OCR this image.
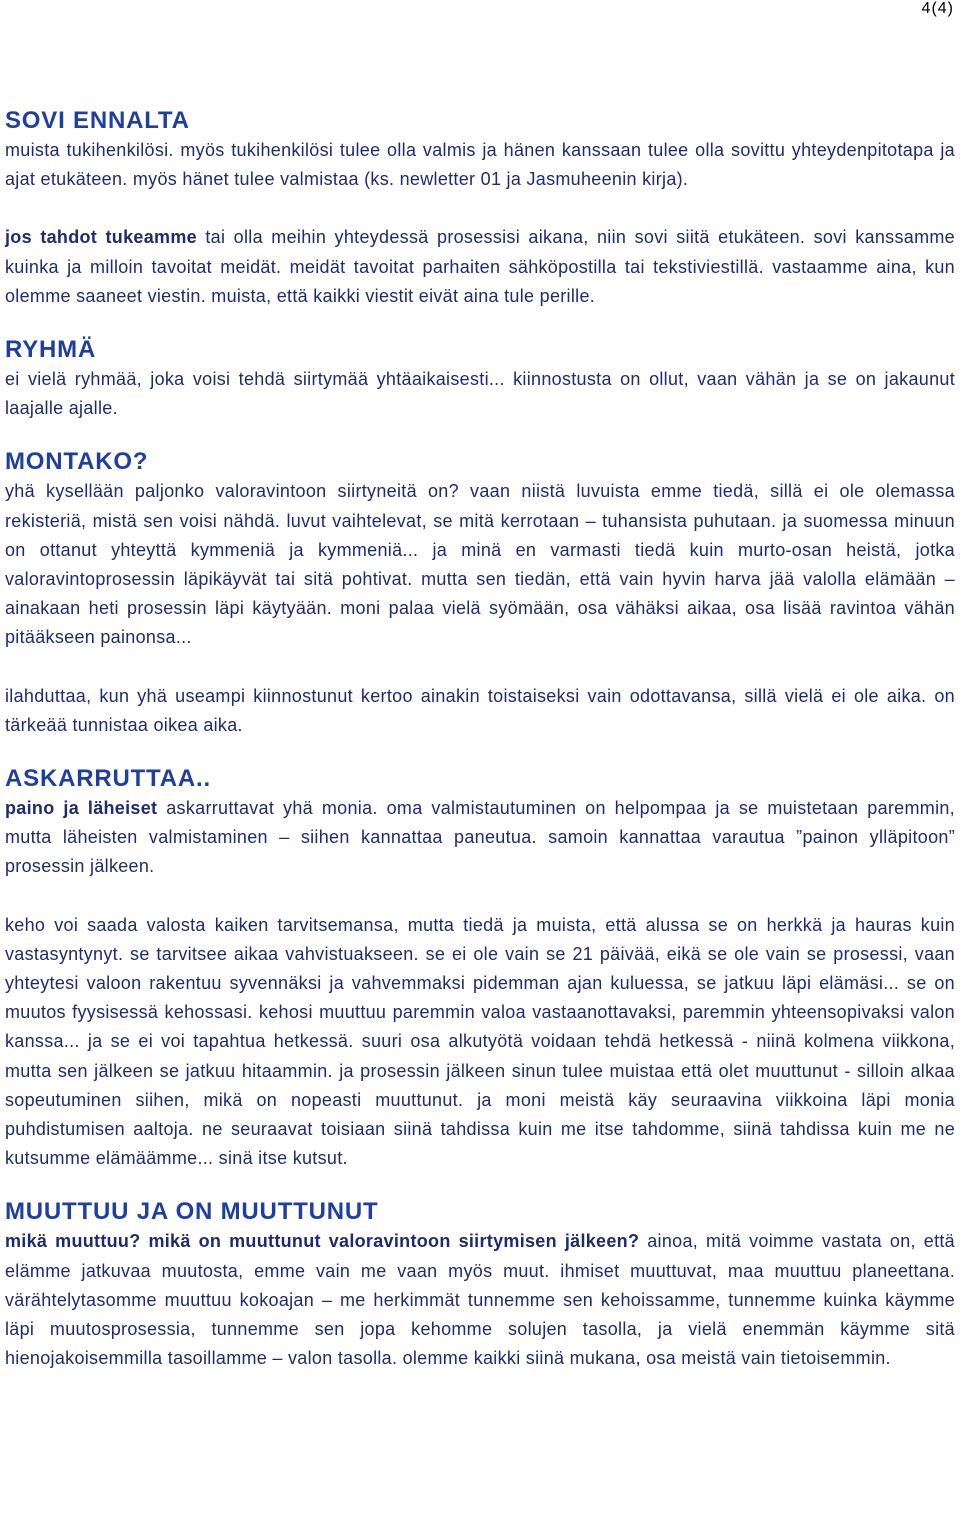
4(4)
SOVI ENNALTA

muista tukihenkilösi. myös tukihenkilösi tulee olla valmis ja hänen kanssaan tulee olla sovittu yhteydenpitotapa ja ajat etukäteen. myös hänet tulee valmistaa (ks. newletter 01 ja Jasmuheenin kirja).

jos tahdot tukeamme tai olla meihin yhteydessä prosessisi aikana, niin sovi siitä etukäteen. sovi kanssamme kuinka ja milloin tavoitat meidät. meidät tavoitat parhaiten sähköpostilla tai tekstiviestillä. vastaamme aina, kun olemme saaneet viestin. muista, että kaikki viestit eivät aina tule perille.

RYHMÄ

ei vielä ryhmää, joka voisi tehdä siirtymää yhtäaikaisesti... kiinnostusta on ollut, vaan vähän ja se on jakaunut laajalle ajalle.

MONTAKO?

yhä kysellään paljonko valoravintoon siirtyneitä on? vaan niistä luvuista emme tiedä, sillä ei ole olemassa rekisteriä, mistä sen voisi nähdä. luvut vaihtelevat, se mitä kerrotaan – tuhansista puhutaan. ja suomessa minuun on ottanut yhteyttä kymmeniä ja kymmeniä... ja minä en varmasti tiedä kuin murto-osan heistä, jotka valoravintoprosessin läpikäyvät tai sitä pohtivat. mutta sen tiedän, että vain hyvin harva jää valolla elämään – ainakaan heti prosessin läpi käytyään. moni palaa vielä syömään, osa vähäksi aikaa, osa lisää ravintoa vähän pitääkseen painonsa...

ilahduttaa, kun yhä useampi kiinnostunut kertoo ainakin toistaiseksi vain odottavansa, sillä vielä ei ole aika. on tärkeää tunnistaa oikea aika.

ASKARRUTTAA..

paino ja läheiset askarruttavat yhä monia. oma valmistautuminen on helpompaa ja se muistetaan paremmin, mutta läheisten valmistaminen – siihen kannattaa paneutua. samoin kannattaa varautua ”painon ylläpitoon” prosessin jälkeen.

keho voi saada valosta kaiken tarvitsemansa, mutta tiedä ja muista, että alussa se on herkkä ja hauras kuin vastasyntynyt. se tarvitsee aikaa vahvistuakseen. se ei ole vain se 21 päivää, eikä se ole vain se prosessi, vaan yhteytesi valoon rakentuu syvennäksi ja vahvemmaksi pidemman ajan kuluessa, se jatkuu läpi elämäsi... se on muutos fyysisessä kehossasi. kehosi muuttuu paremmin valoa vastaanottavaksi, paremmin yhteensopivaksi valon kanssa... ja se ei voi tapahtua hetkessä. suuri osa alkutyötä voidaan tehdä hetkessä - niinä kolmena viikkona, mutta sen jälkeen se jatkuu hitaammin. ja prosessin jälkeen sinun tulee muistaa että olet muuttunut - silloin alkaa sopeutuminen siihen, mikä on nopeasti muuttunut. ja moni meistä käy seuraavina viikkoina läpi monia puhdistumisen aaltoja. ne seuraavat toisiaan siinä tahdissa kuin me itse tahdomme, siinä tahdissa kuin me ne kutsumme elämäämme... sinä itse kutsut.

MUUTTUU JA ON MUUTTUNUT

mikä muuttuu? mikä on muuttunut valoravintoon siirtymisen jälkeen? ainoa, mitä voimme vastata on, että elämme jatkuvaa muutosta, emme vain me vaan myös muut. ihmiset muuttuvat, maa muuttuu planeettana. värähtelytasomme muuttuu kokoajan – me herkimmät tunnemme sen kehoissamme, tunnemme kuinka käymme läpi muutosprosessia, tunnemme sen jopa kehomme solujen tasolla, ja vielä enemmän käymme sitä hienojakoisemmilla tasoillamme – valon tasolla. olemme kaikki siinä mukana, osa meistä vain tietoisemmin.
